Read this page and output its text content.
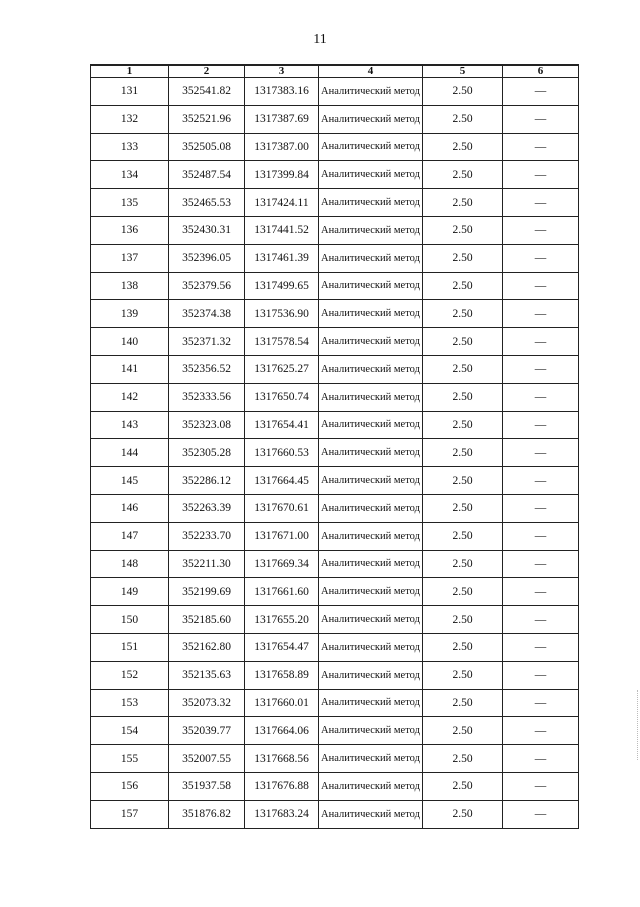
11
1	2	3	4	5	6
131	352541.82	1317383.16	Аналитический метод	2.50	—
132	352521.96	1317387.69	Аналитический метод	2.50	—
133	352505.08	1317387.00	Аналитический метод	2.50	—
134	352487.54	1317399.84	Аналитический метод	2.50	—
135	352465.53	1317424.11	Аналитический метод	2.50	—
136	352430.31	1317441.52	Аналитический метод	2.50	—
137	352396.05	1317461.39	Аналитический метод	2.50	—
138	352379.56	1317499.65	Аналитический метод	2.50	—
139	352374.38	1317536.90	Аналитический метод	2.50	—
140	352371.32	1317578.54	Аналитический метод	2.50	—
141	352356.52	1317625.27	Аналитический метод	2.50	—
142	352333.56	1317650.74	Аналитический метод	2.50	—
143	352323.08	1317654.41	Аналитический метод	2.50	—
144	352305.28	1317660.53	Аналитический метод	2.50	—
145	352286.12	1317664.45	Аналитический метод	2.50	—
146	352263.39	1317670.61	Аналитический метод	2.50	—
147	352233.70	1317671.00	Аналитический метод	2.50	—
148	352211.30	1317669.34	Аналитический метод	2.50	—
149	352199.69	1317661.60	Аналитический метод	2.50	—
150	352185.60	1317655.20	Аналитический метод	2.50	—
151	352162.80	1317654.47	Аналитический метод	2.50	—
152	352135.63	1317658.89	Аналитический метод	2.50	—
153	352073.32	1317660.01	Аналитический метод	2.50	—
154	352039.77	1317664.06	Аналитический метод	2.50	—
155	352007.55	1317668.56	Аналитический метод	2.50	—
156	351937.58	1317676.88	Аналитический метод	2.50	—
157	351876.82	1317683.24	Аналитический метод	2.50	—
